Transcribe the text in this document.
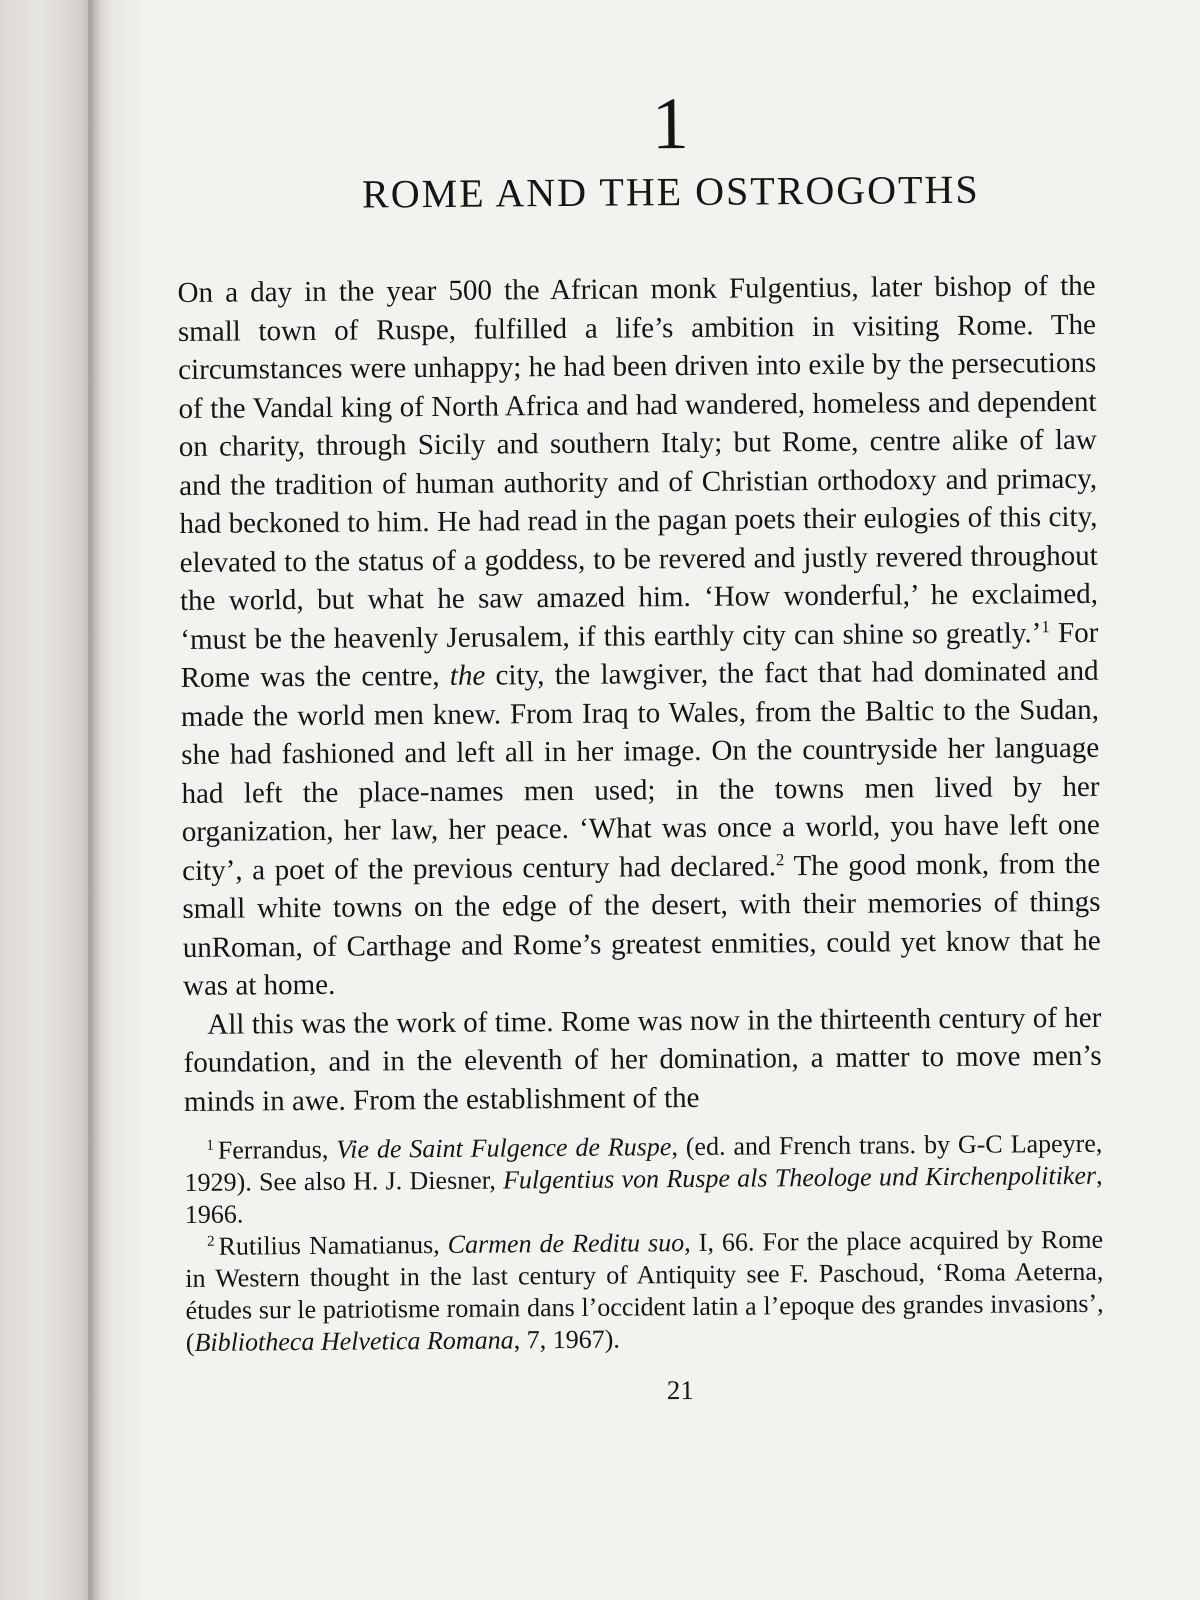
1
ROME AND THE OSTROGOTHS

On a day in the year 500 the African monk Fulgentius, later bishop of the small town of Ruspe, fulfilled a life’s ambition in visiting Rome. The circumstances were unhappy; he had been driven into exile by the persecutions of the Vandal king of North Africa and had wandered, homeless and dependent on charity, through Sicily and southern Italy; but Rome, centre alike of law and the tradition of human authority and of Christian orthodoxy and primacy, had beckoned to him. He had read in the pagan poets their eulogies of this city, elevated to the status of a goddess, to be revered and justly revered throughout the world, but what he saw amazed him. ‘How wonderful,’ he exclaimed, ‘must be the heavenly Jerusalem, if this earthly city can shine so greatly.’$^1$ For Rome was the centre, the city, the lawgiver, the fact that had dominated and made the world men knew. From Iraq to Wales, from the Baltic to the Sudan, she had fashioned and left all in her image. On the countryside her language had left the place-names men used; in the towns men lived by her organization, her law, her peace. ‘What was once a world, you have left one city’, a poet of the previous century had declared.$^2$ The good monk, from the small white towns on the edge of the desert, with their memories of things unRoman, of Carthage and Rome’s greatest enmities, could yet know that he was at home.

All this was the work of time. Rome was now in the thirteenth century of her foundation, and in the eleventh of her domination, a matter to move men’s minds in awe. From the establishment of the

$^1$ Ferrandus, Vie de Saint Fulgence de Ruspe, (ed. and French trans. by G-C Lapeyre, 1929). See also H. J. Diesner, Fulgentius von Ruspe als Theologe und Kirchenpolitiker, 1966.

$^2$ Rutilius Namatianus, Carmen de Reditu suo, I, 66. For the place acquired by Rome in Western thought in the last century of Antiquity see F. Paschoud, ‘Roma Aeterna, études sur le patriotisme romain dans l’occident latin a l’epoque des grandes invasions’, (Bibliotheca Helvetica Romana, 7, 1967).

21
